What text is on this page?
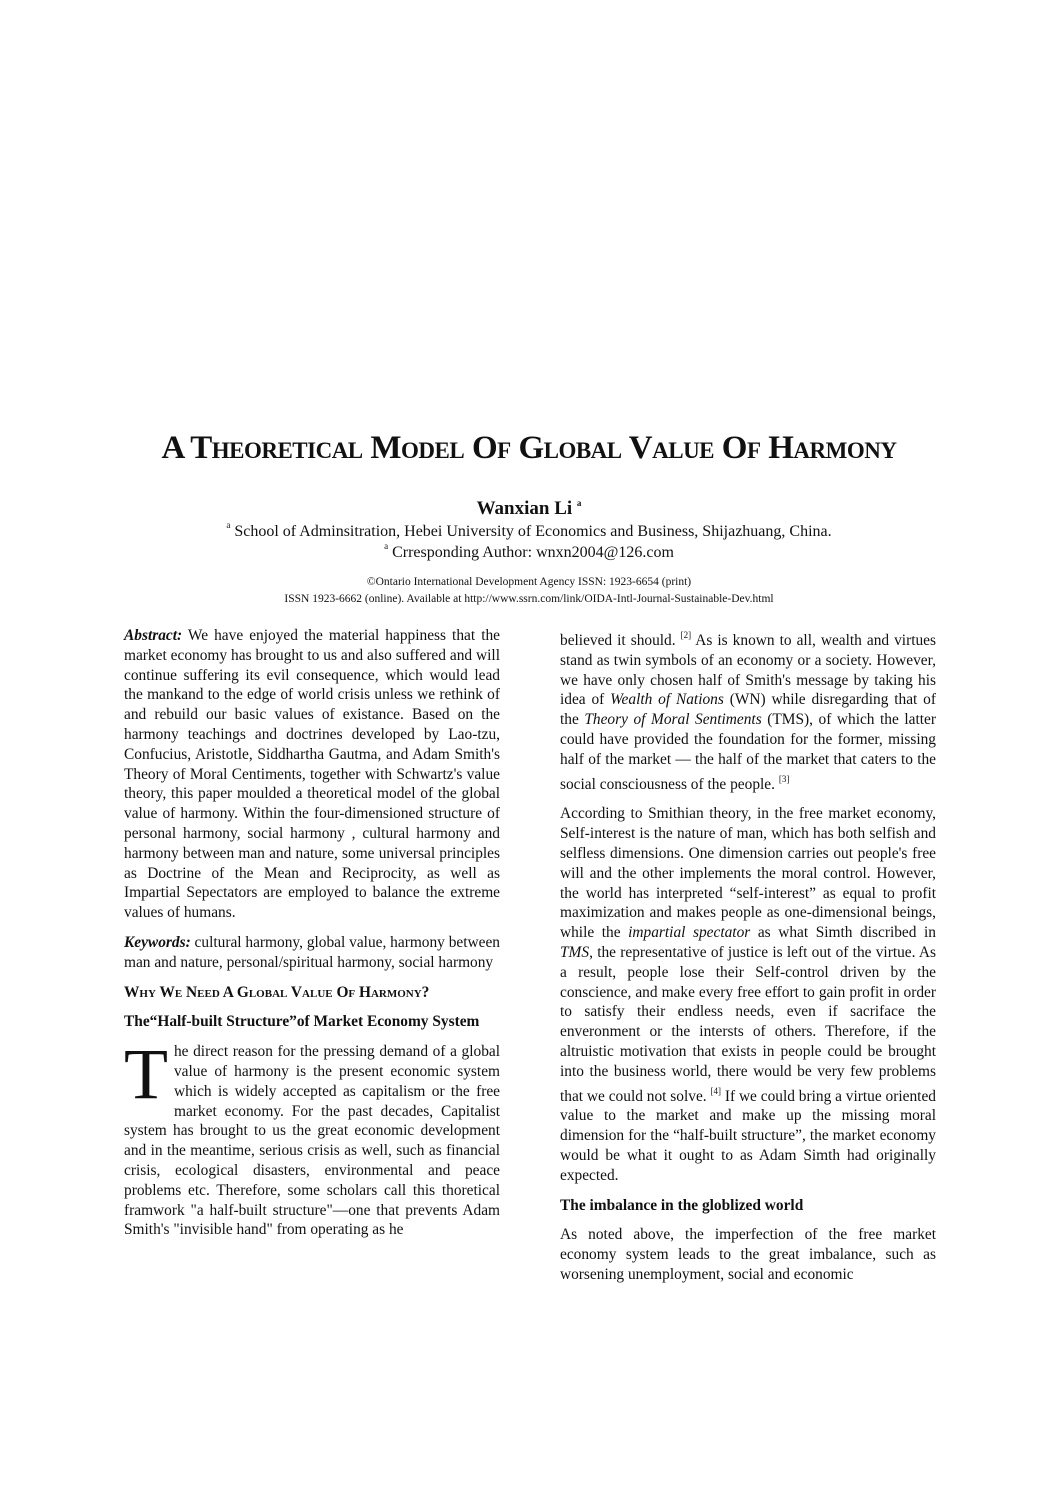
A Theoretical Model Of Global Value Of Harmony
Wanxian Li $^a$
$^a$ School of Adminsitration, Hebei University of Economics and Business, Shijazhuang, China.
$^a$ Crresponding Author: wnxn2004@126.com
©Ontario International Development Agency ISSN: 1923-6654 (print)
ISSN 1923-6662 (online). Available at http://www.ssrn.com/link/OIDA-Intl-Journal-Sustainable-Dev.html

Abstract: We have enjoyed the material happiness that the market economy has brought to us and also suffered and will continue suffering its evil consequence, which would lead the mankand to the edge of world crisis unless we rethink of and rebuild our basic values of existance. Based on the harmony teachings and doctrines developed by Lao-tzu, Confucius, Aristotle, Siddhartha Gautma, and Adam Smith's Theory of Moral Centiments, together with Schwartz's value theory, this paper moulded a theoretical model of the global value of harmony. Within the four-dimensioned structure of personal harmony, social harmony , cultural harmony and harmony between man and nature, some universal principles as Doctrine of the Mean and Reciprocity, as well as Impartial Sepectators are employed to balance the extreme values of humans.

Keywords: cultural harmony, global value, harmony between man and nature, personal/spiritual harmony, social harmony

Why We Need A Global Value Of Harmony?
The“Half-built Structure”of Market Economy System

The direct reason for the pressing demand of a global value of harmony is the present economic system which is widely accepted as capitalism or the free market economy. For the past decades, Capitalist system has brought to us the great economic development and in the meantime, serious crisis as well, such as financial crisis, ecological disasters, environmental and peace problems etc. Therefore, some scholars call this thoretical framwork "a half-built structure"—one that prevents Adam Smith's "invisible hand" from operating as he

believed it should. [2] As is known to all, wealth and virtues stand as twin symbols of an economy or a society. However, we have only chosen half of Smith's message by taking his idea of Wealth of Nations (WN) while disregarding that of the Theory of Moral Sentiments (TMS), of which the latter could have provided the foundation for the former, missing half of the market — the half of the market that caters to the social consciousness of the people. [3]

According to Smithian theory, in the free market economy, Self-interest is the nature of man, which has both selfish and selfless dimensions. One dimension carries out people's free will and the other implements the moral control. However, the world has interpreted “self-interest” as equal to profit maximization and makes people as one-dimensional beings, while the impartial spectator as what Simth discribed in TMS, the representative of justice is left out of the virtue. As a result, people lose their Self-control driven by the conscience, and make every free effort to gain profit in order to satisfy their endless needs, even if sacriface the enveronment or the intersts of others. Therefore, if the altruistic motivation that exists in people could be brought into the business world, there would be very few problems that we could not solve. [4] If we could bring a virtue oriented value to the market and make up the missing moral dimension for the “half-built structure”, the market economy would be what it ought to as Adam Simth had originally expected.

The imbalance in the globlized world

As noted above, the imperfection of the free market economy system leads to the great imbalance, such as worsening unemployment, social and economic
